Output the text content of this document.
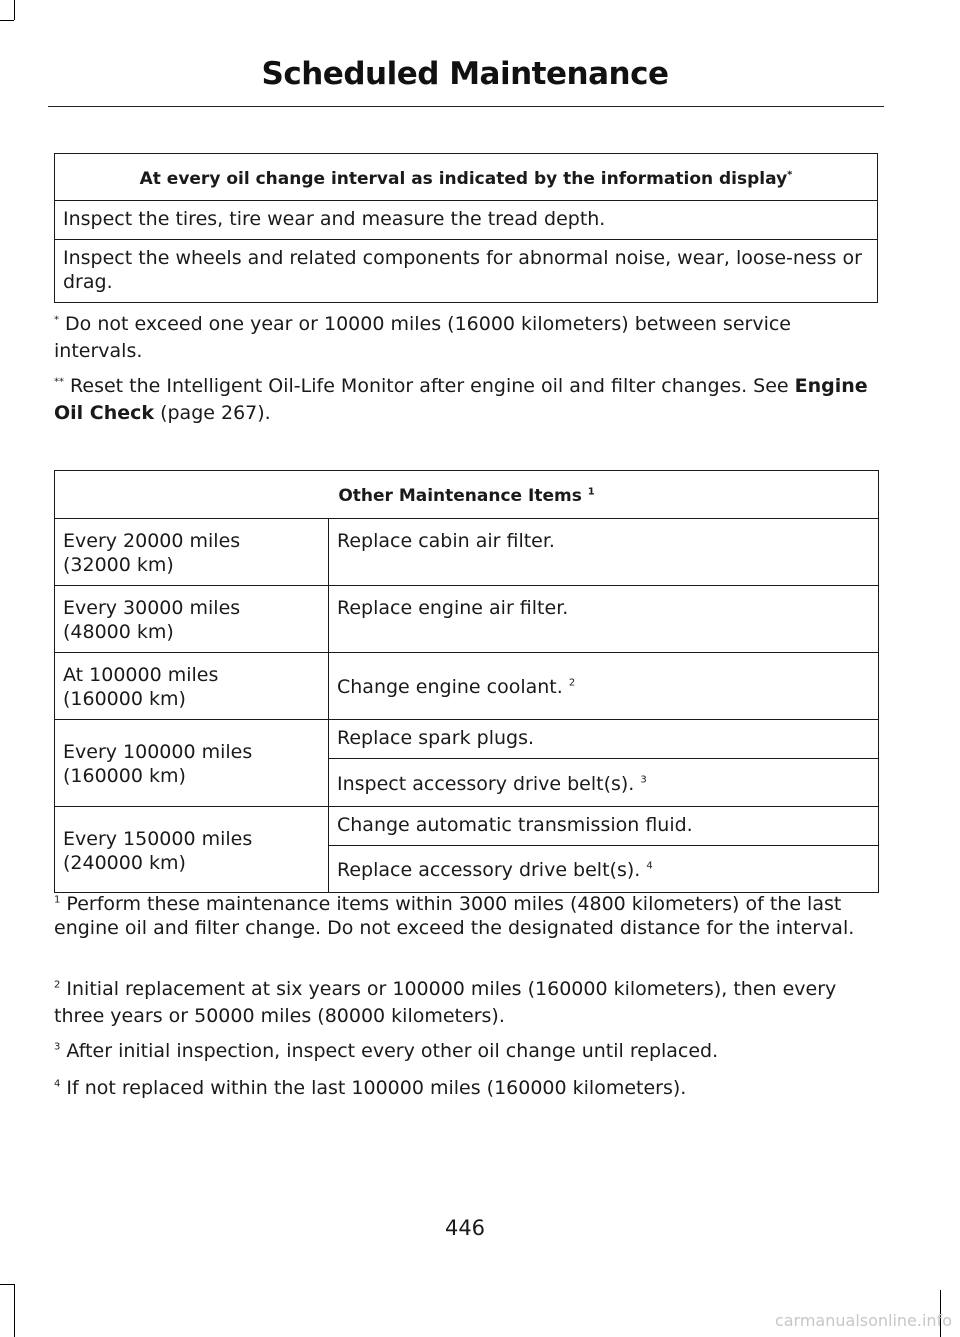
Scheduled Maintenance
At every oil change interval as indicated by the information display*
Inspect the tires, tire wear and measure the tread depth.
Inspect the wheels and related components for abnormal noise, wear, loose-ness or drag.
* Do not exceed one year or 10000 miles (16000 kilometers) between service intervals.
** Reset the Intelligent Oil-Life Monitor after engine oil and filter changes. See Engine Oil Check (page 267).
Other Maintenance Items $^1$
Every 20000 miles (32000 km)	Replace cabin air filter.
Every 30000 miles (48000 km)	Replace engine air filter.
At 100000 miles (160000 km)	Change engine coolant. $^2$
Every 100000 miles (160000 km)	Replace spark plugs.
	Inspect accessory drive belt(s). $^3$
Every 150000 miles (240000 km)	Change automatic transmission fluid.
	Replace accessory drive belt(s). $^4$
$^1$ Perform these maintenance items within 3000 miles (4800 kilometers) of the last engine oil and filter change. Do not exceed the designated distance for the interval.
$^2$ Initial replacement at six years or 100000 miles (160000 kilometers), then every three years or 50000 miles (80000 kilometers).
$^3$ After initial inspection, inspect every other oil change until replaced.
$^4$ If not replaced within the last 100000 miles (160000 kilometers).
446
carmanualsonline.info
